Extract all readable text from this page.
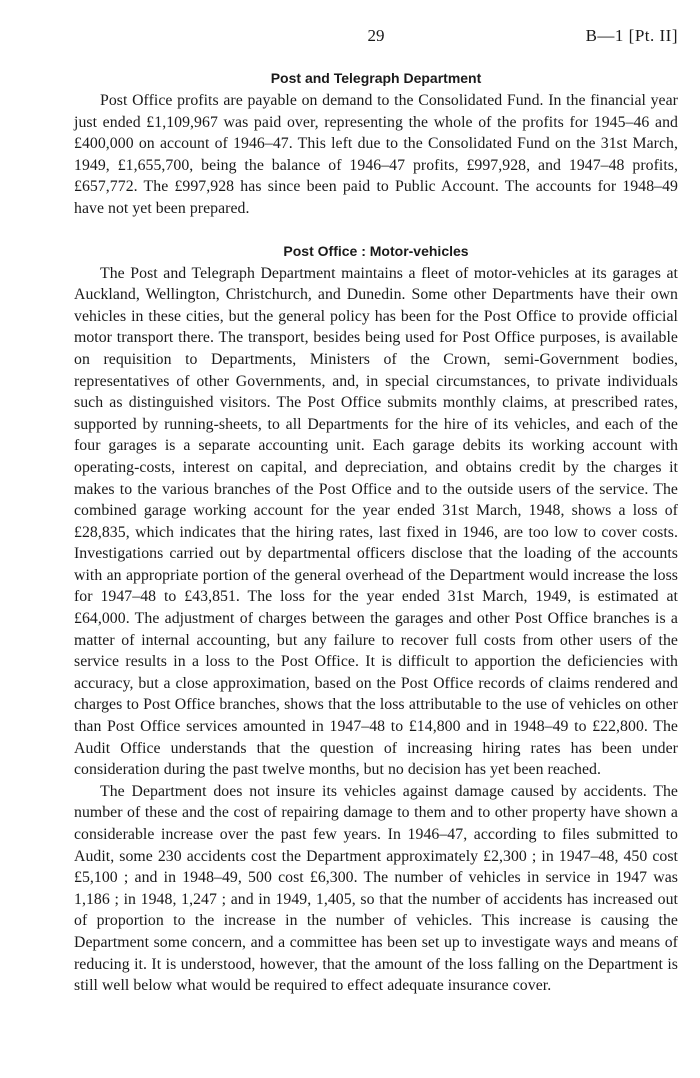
29	B—1 [Pt. II]
Post and Telegraph Department

Post Office profits are payable on demand to the Consolidated Fund. In the financial year just ended £1,109,967 was paid over, representing the whole of the profits for 1945–46 and £400,000 on account of 1946–47. This left due to the Consolidated Fund on the 31st March, 1949, £1,655,700, being the balance of 1946–47 profits, £997,928, and 1947–48 profits, £657,772. The £997,928 has since been paid to Public Account. The accounts for 1948–49 have not yet been prepared.

Post Office : Motor-vehicles

The Post and Telegraph Department maintains a fleet of motor-vehicles at its garages at Auckland, Wellington, Christchurch, and Dunedin. Some other Departments have their own vehicles in these cities, but the general policy has been for the Post Office to provide official motor transport there. The transport, besides being used for Post Office purposes, is available on requisition to Departments, Ministers of the Crown, semi-Government bodies, representatives of other Governments, and, in special circumstances, to private individuals such as distinguished visitors. The Post Office submits monthly claims, at prescribed rates, supported by running-sheets, to all Departments for the hire of its vehicles, and each of the four garages is a separate accounting unit. Each garage debits its working account with operating-costs, interest on capital, and depreciation, and obtains credit by the charges it makes to the various branches of the Post Office and to the outside users of the service. The combined garage working account for the year ended 31st March, 1948, shows a loss of £28,835, which indicates that the hiring rates, last fixed in 1946, are too low to cover costs. Investigations carried out by departmental officers disclose that the loading of the accounts with an appropriate portion of the general overhead of the Department would increase the loss for 1947–48 to £43,851. The loss for the year ended 31st March, 1949, is estimated at £64,000. The adjustment of charges between the garages and other Post Office branches is a matter of internal accounting, but any failure to recover full costs from other users of the service results in a loss to the Post Office. It is difficult to apportion the deficiencies with accuracy, but a close approximation, based on the Post Office records of claims rendered and charges to Post Office branches, shows that the loss attributable to the use of vehicles on other than Post Office services amounted in 1947–48 to £14,800 and in 1948–49 to £22,800. The Audit Office understands that the question of increasing hiring rates has been under consideration during the past twelve months, but no decision has yet been reached.

The Department does not insure its vehicles against damage caused by accidents. The number of these and the cost of repairing damage to them and to other property have shown a considerable increase over the past few years. In 1946–47, according to files submitted to Audit, some 230 accidents cost the Department approximately £2,300 ; in 1947–48, 450 cost £5,100 ; and in 1948–49, 500 cost £6,300. The number of vehicles in service in 1947 was 1,186 ; in 1948, 1,247 ; and in 1949, 1,405, so that the number of accidents has increased out of proportion to the increase in the number of vehicles. This increase is causing the Department some concern, and a committee has been set up to investigate ways and means of reducing it. It is understood, however, that the amount of the loss falling on the Department is still well below what would be required to effect adequate insurance cover.
